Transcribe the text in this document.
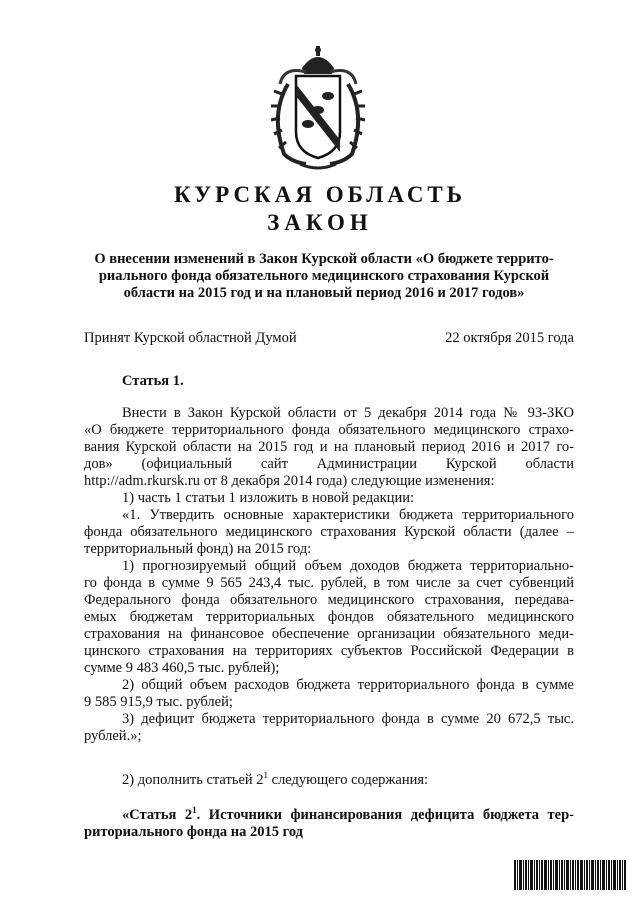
КУРСКАЯ ОБЛАСТЬ
ЗАКОН
О внесении изменений в Закон Курской области «О бюджете террито-
риального фонда обязательного медицинского страхования Курской
области на 2015 год и на плановый период 2016 и 2017 годов»
Принят Курской областной Думой	22 октября 2015 года
Статья 1.
Внести в Закон Курской области от 5 декабря 2014 года № 93-ЗКО
«О бюджете территориального фонда обязательного медицинского страхо-
вания Курской области на 2015 год и на плановый период 2016 и 2017 го-
дов» (официальный сайт Администрации Курской области
http://adm.rkursk.ru от 8 декабря 2014 года) следующие изменения:
1) часть 1 статьи 1 изложить в новой редакции:
«1. Утвердить основные характеристики бюджета территориального
фонда обязательного медицинского страхования Курской области (далее –
территориальный фонд) на 2015 год:
1) прогнозируемый общий объем доходов бюджета территориально-
го фонда в сумме 9 565 243,4 тыс. рублей, в том числе за счет субвенций
Федерального фонда обязательного медицинского страхования, передава-
емых бюджетам территориальных фондов обязательного медицинского
страхования на финансовое обеспечение организации обязательного меди-
цинского страхования на территориях субъектов Российской Федерации в
сумме 9 483 460,5 тыс. рублей);
2) общий объем расходов бюджета территориального фонда в сумме
9 585 915,9 тыс. рублей;
3) дефицит бюджета территориального фонда в сумме 20 672,5 тыс.
рублей.»;
2) дополнить статьей $2^1$ следующего содержания:
«Статья $2^1$. Источники финансирования дефицита бюджета тер-
риториального фонда на 2015 год
